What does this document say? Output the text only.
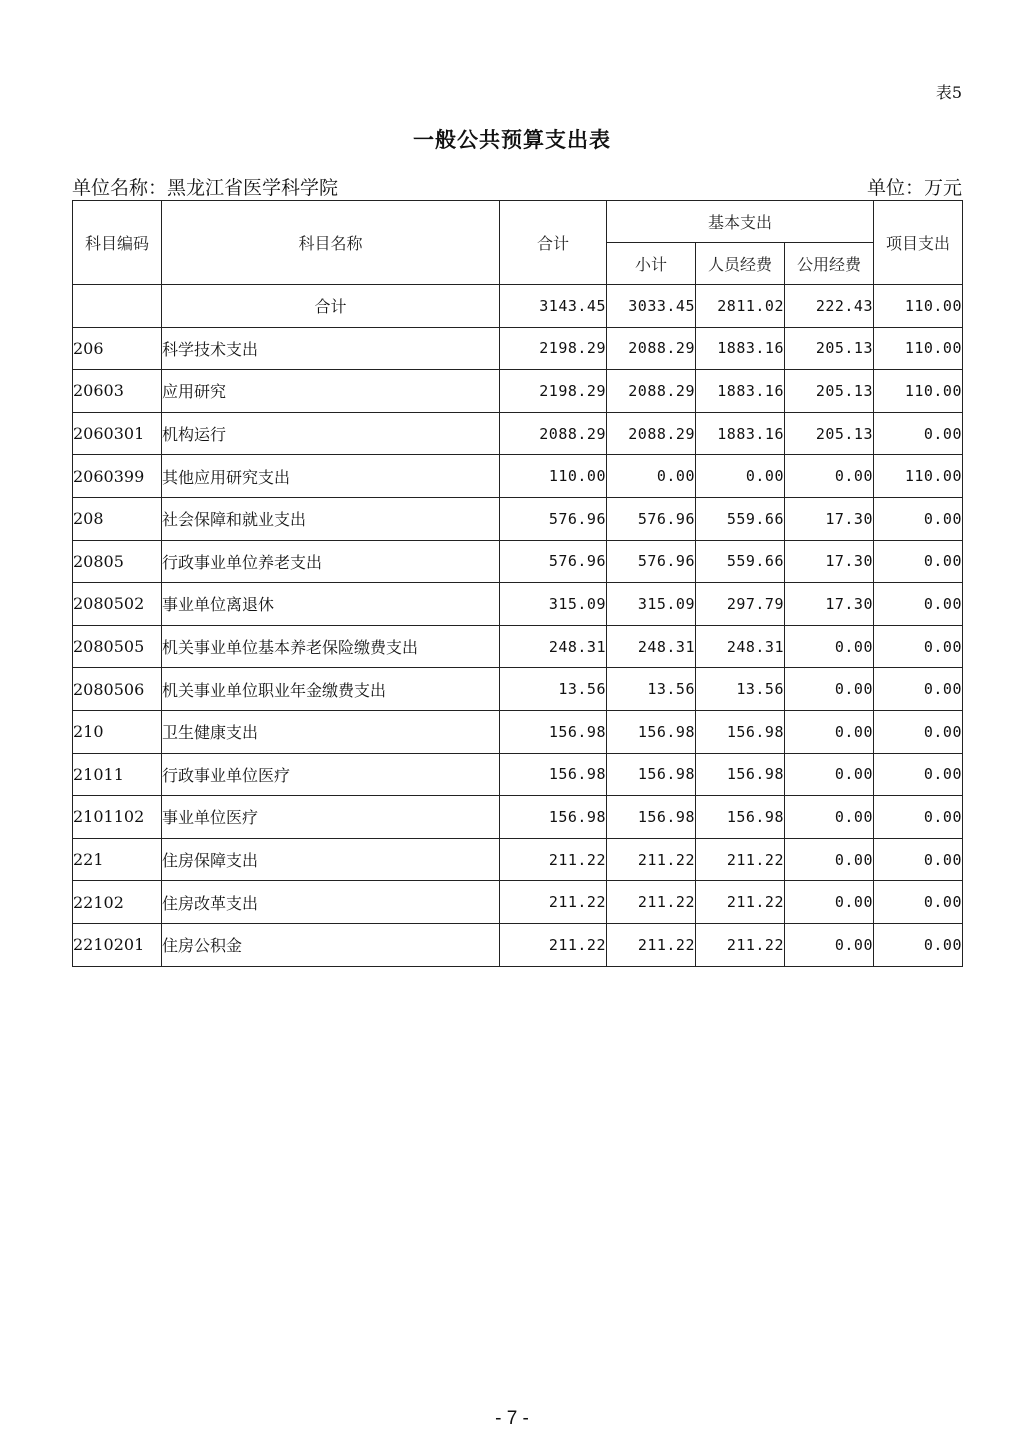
表5
一般公共预算支出表
单位名称：黑龙江省医学科学院	单位：万元
科目编码	科目名称	合计	基本支出			项目支出
			小计	人员经费	公用经费	
	合计	3143.45	3033.45	2811.02	222.43	110.00
206	科学技术支出	2198.29	2088.29	1883.16	205.13	110.00
20603	应用研究	2198.29	2088.29	1883.16	205.13	110.00
2060301	机构运行	2088.29	2088.29	1883.16	205.13	0.00
2060399	其他应用研究支出	110.00	0.00	0.00	0.00	110.00
208	社会保障和就业支出	576.96	576.96	559.66	17.30	0.00
20805	行政事业单位养老支出	576.96	576.96	559.66	17.30	0.00
2080502	事业单位离退休	315.09	315.09	297.79	17.30	0.00
2080505	机关事业单位基本养老保险缴费支出	248.31	248.31	248.31	0.00	0.00
2080506	机关事业单位职业年金缴费支出	13.56	13.56	13.56	0.00	0.00
210	卫生健康支出	156.98	156.98	156.98	0.00	0.00
21011	行政事业单位医疗	156.98	156.98	156.98	0.00	0.00
2101102	事业单位医疗	156.98	156.98	156.98	0.00	0.00
221	住房保障支出	211.22	211.22	211.22	0.00	0.00
22102	住房改革支出	211.22	211.22	211.22	0.00	0.00
2210201	住房公积金	211.22	211.22	211.22	0.00	0.00
- 7 -
